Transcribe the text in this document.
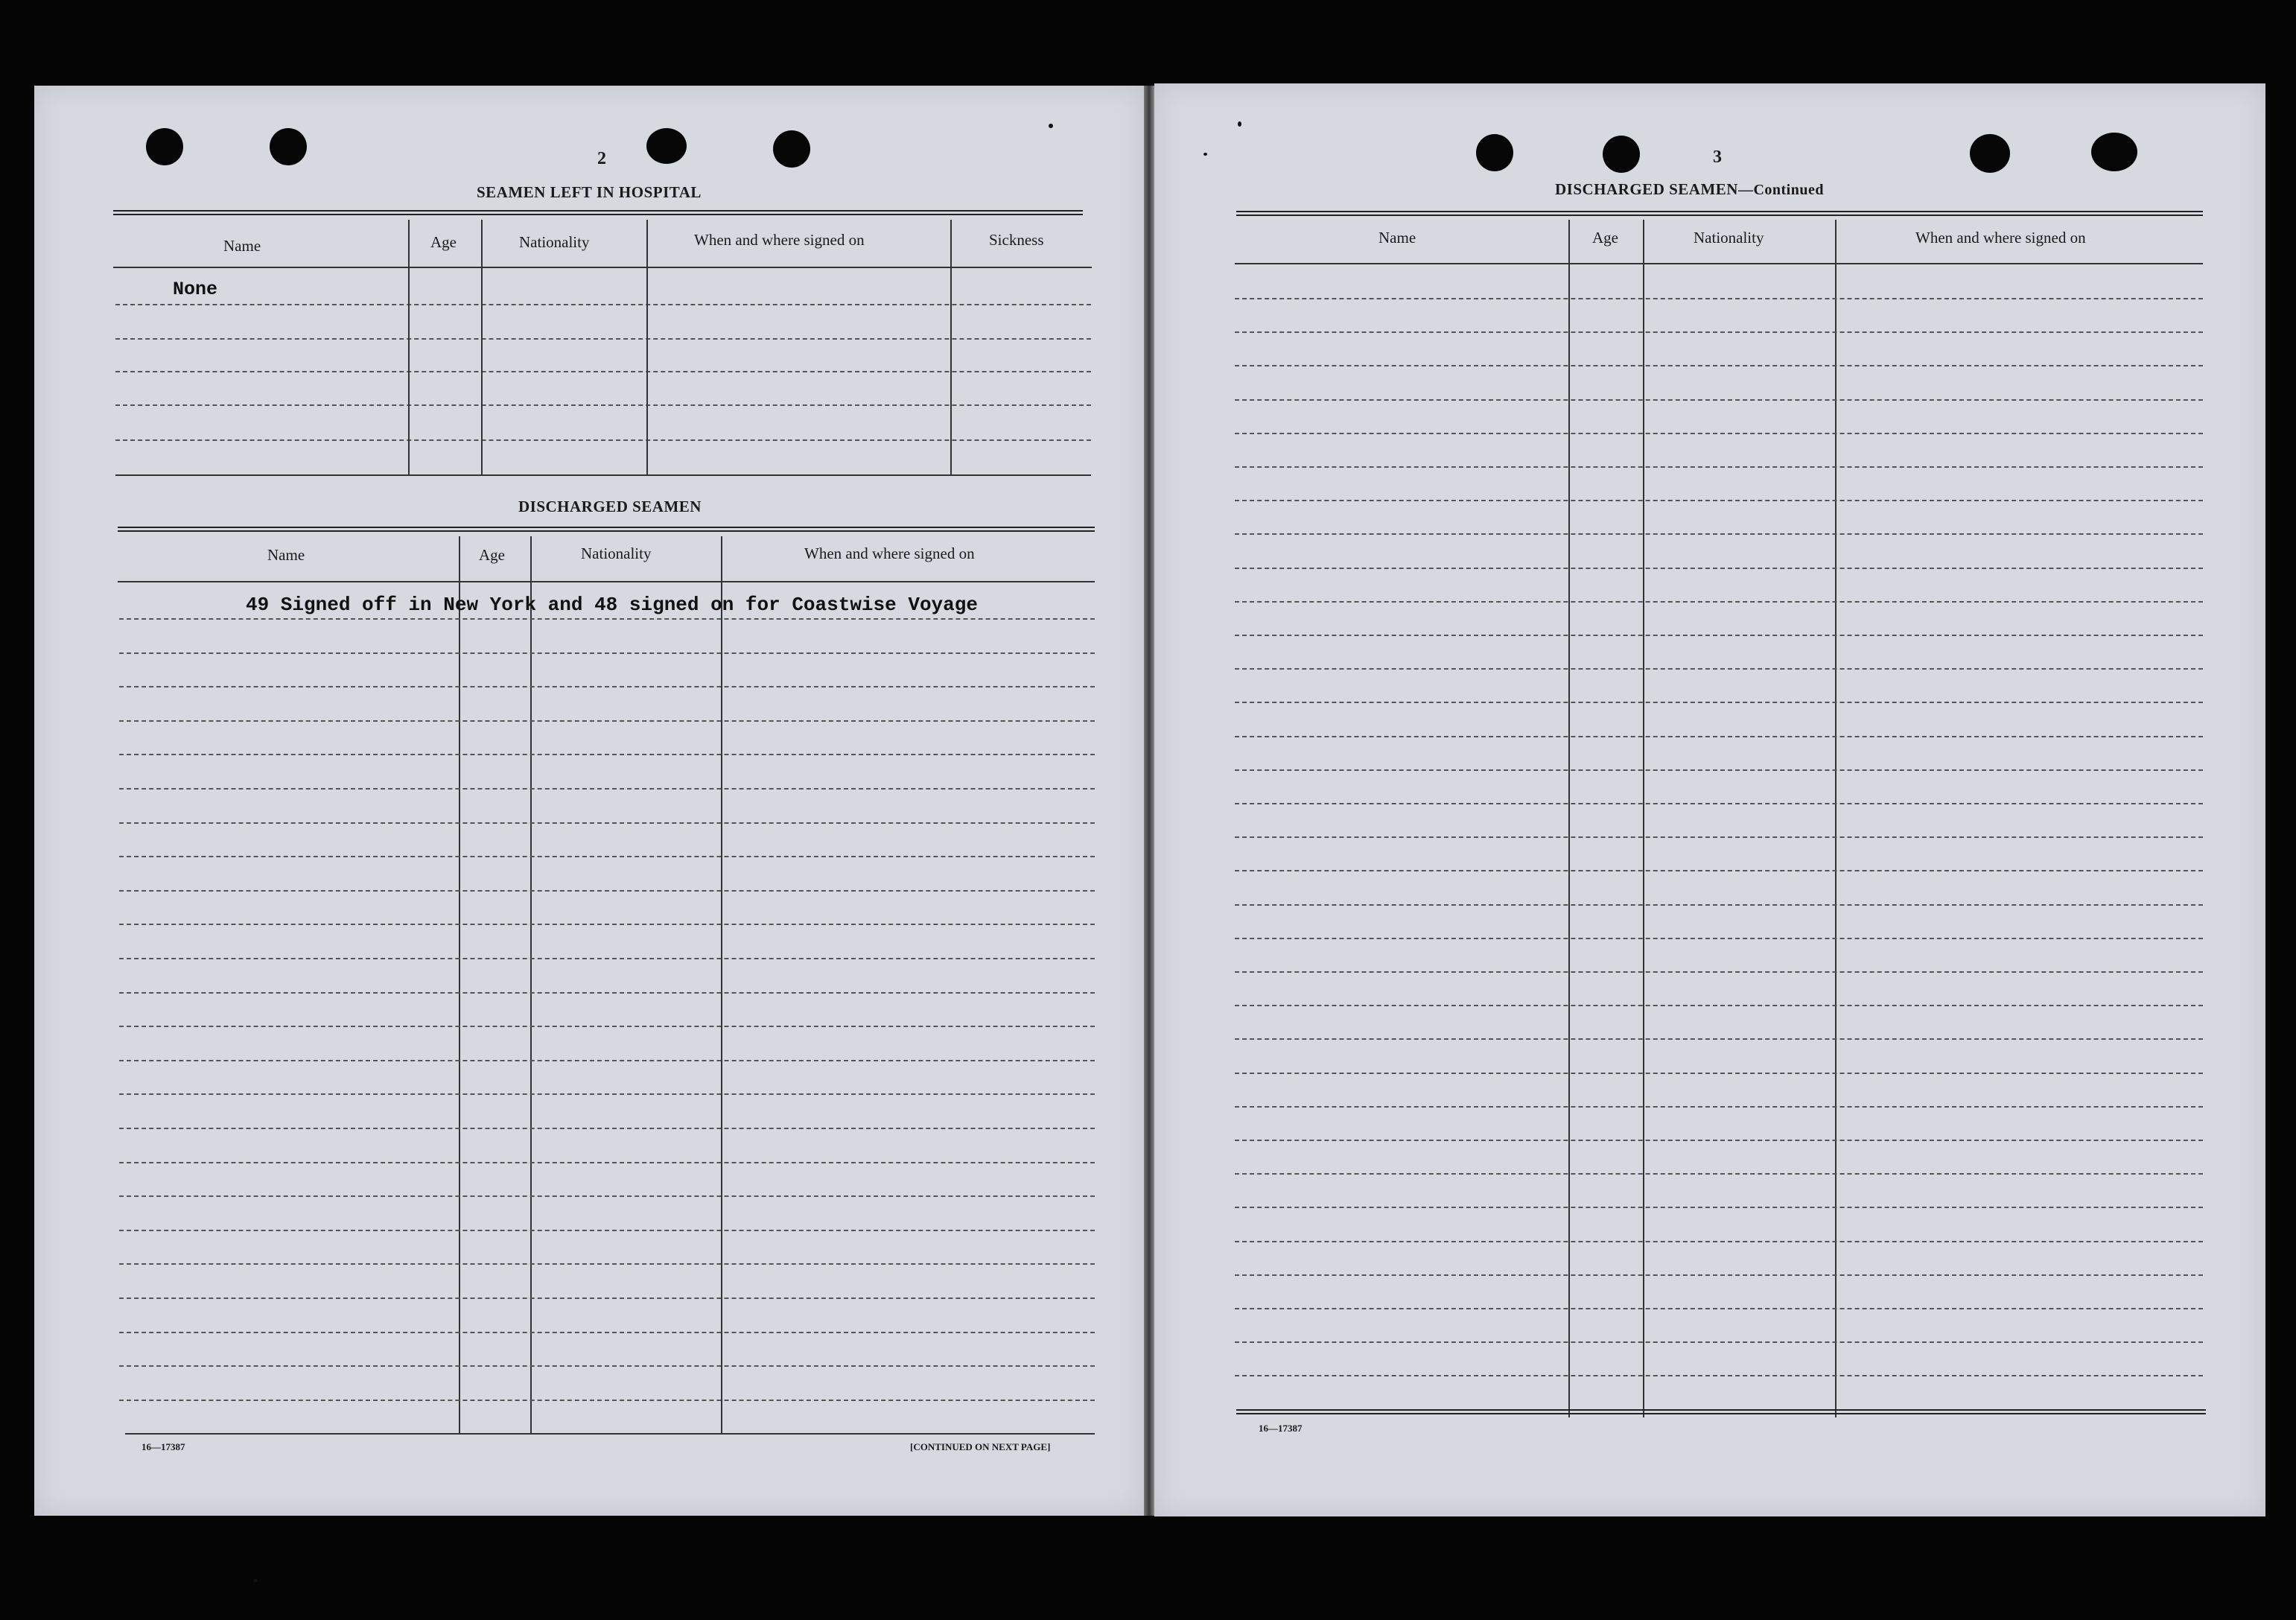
2
SEAMEN LEFT IN HOSPITAL
Name	Age	Nationality	When and where signed on	Sickness
None
DISCHARGED SEAMEN
Name	Age	Nationality	When and where signed on
49 Signed off in New York and 48 signed on for Coastwise Voyage
16—17387	[CONTINUED ON NEXT PAGE]
3
DISCHARGED SEAMEN—Continued
Name	Age	Nationality	When and where signed on
16—17387
